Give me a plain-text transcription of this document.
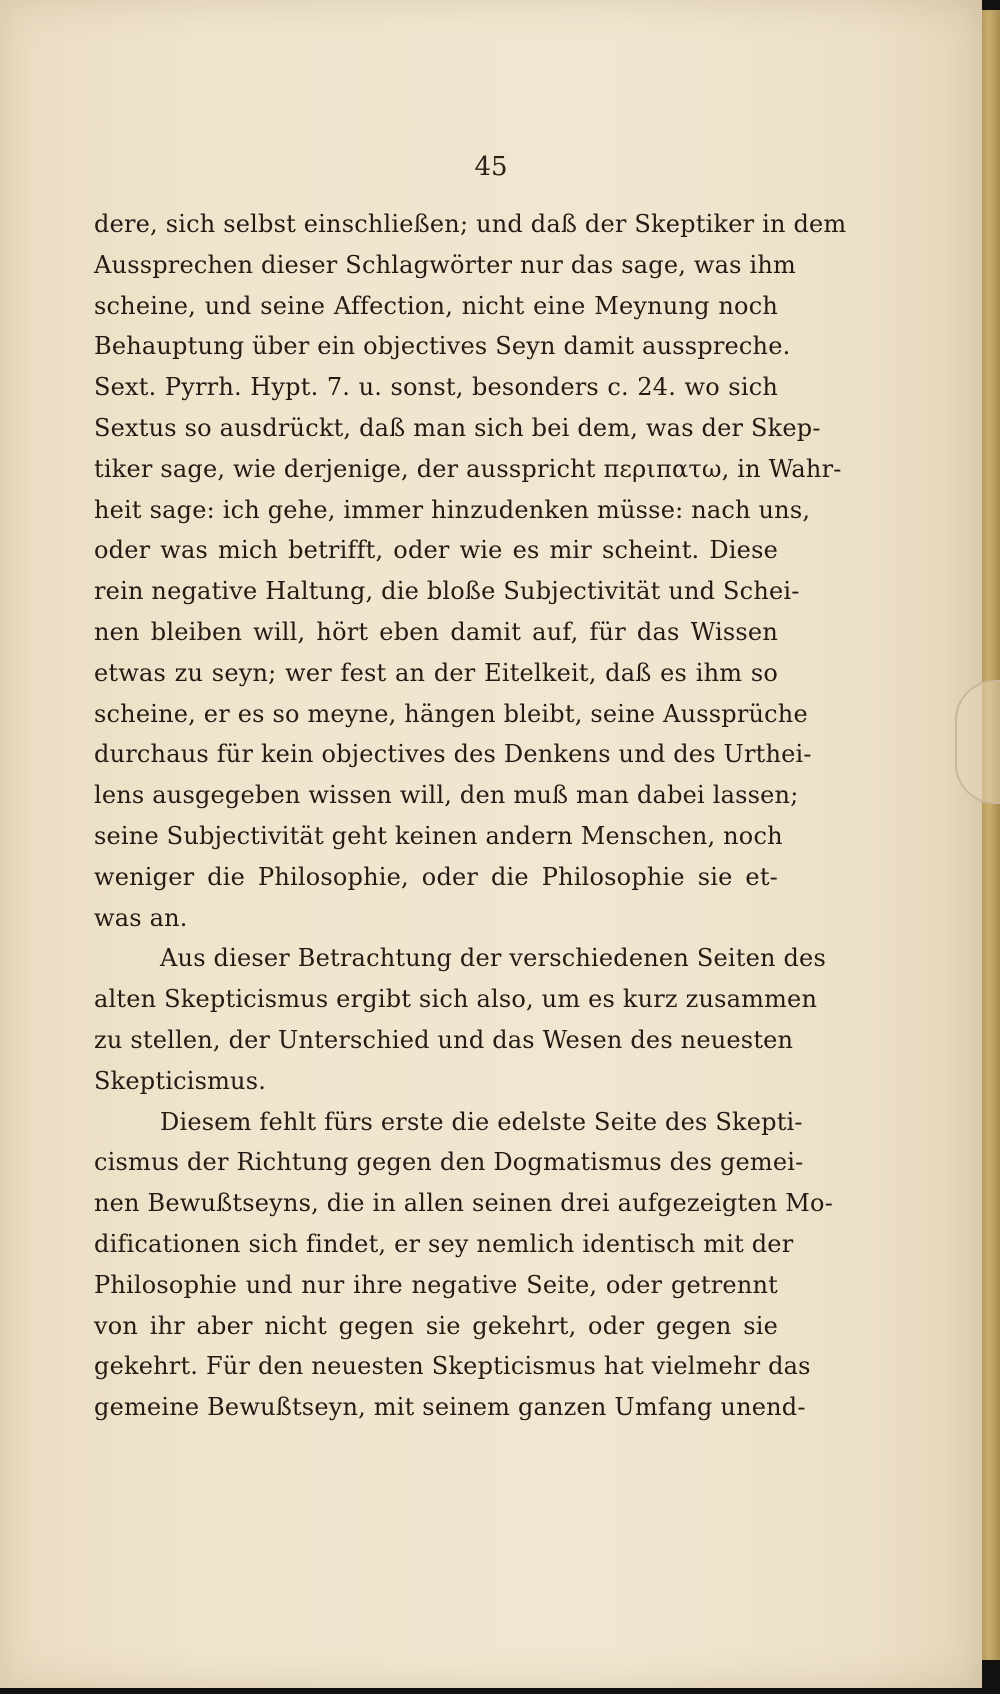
45
dere, sich selbst einschließen; und daß der Skeptiker in dem
Aussprechen dieser Schlagwörter nur das sage, was ihm
scheine, und seine Affection, nicht eine Meynung noch
Behauptung über ein objectives Seyn damit ausspreche.
Sext. Pyrrh. Hypt. 7. u. sonst, besonders c. 24. wo sich
Sextus so ausdrückt, daß man sich bei dem, was der Skep-
tiker sage, wie derjenige, der ausspricht περιπατω, in Wahr-
heit sage: ich gehe, immer hinzudenken müsse: nach uns,
oder was mich betrifft, oder wie es mir scheint. Diese
rein negative Haltung, die bloße Subjectivität und Schei-
nen bleiben will, hört eben damit auf, für das Wissen
etwas zu seyn; wer fest an der Eitelkeit, daß es ihm so
scheine, er es so meyne, hängen bleibt, seine Aussprüche
durchaus für kein objectives des Denkens und des Urthei-
lens ausgegeben wissen will, den muß man dabei lassen;
seine Subjectivität geht keinen andern Menschen, noch
weniger die Philosophie, oder die Philosophie sie et-
was an.
Aus dieser Betrachtung der verschiedenen Seiten des
alten Skepticismus ergibt sich also, um es kurz zusammen
zu stellen, der Unterschied und das Wesen des neuesten
Skepticismus.
Diesem fehlt fürs erste die edelste Seite des Skepti-
cismus der Richtung gegen den Dogmatismus des gemei-
nen Bewußtseyns, die in allen seinen drei aufgezeigten Mo-
dificationen sich findet, er sey nemlich identisch mit der
Philosophie und nur ihre negative Seite, oder getrennt
von ihr aber nicht gegen sie gekehrt, oder gegen sie
gekehrt. Für den neuesten Skepticismus hat vielmehr das
gemeine Bewußtseyn, mit seinem ganzen Umfang unend-
